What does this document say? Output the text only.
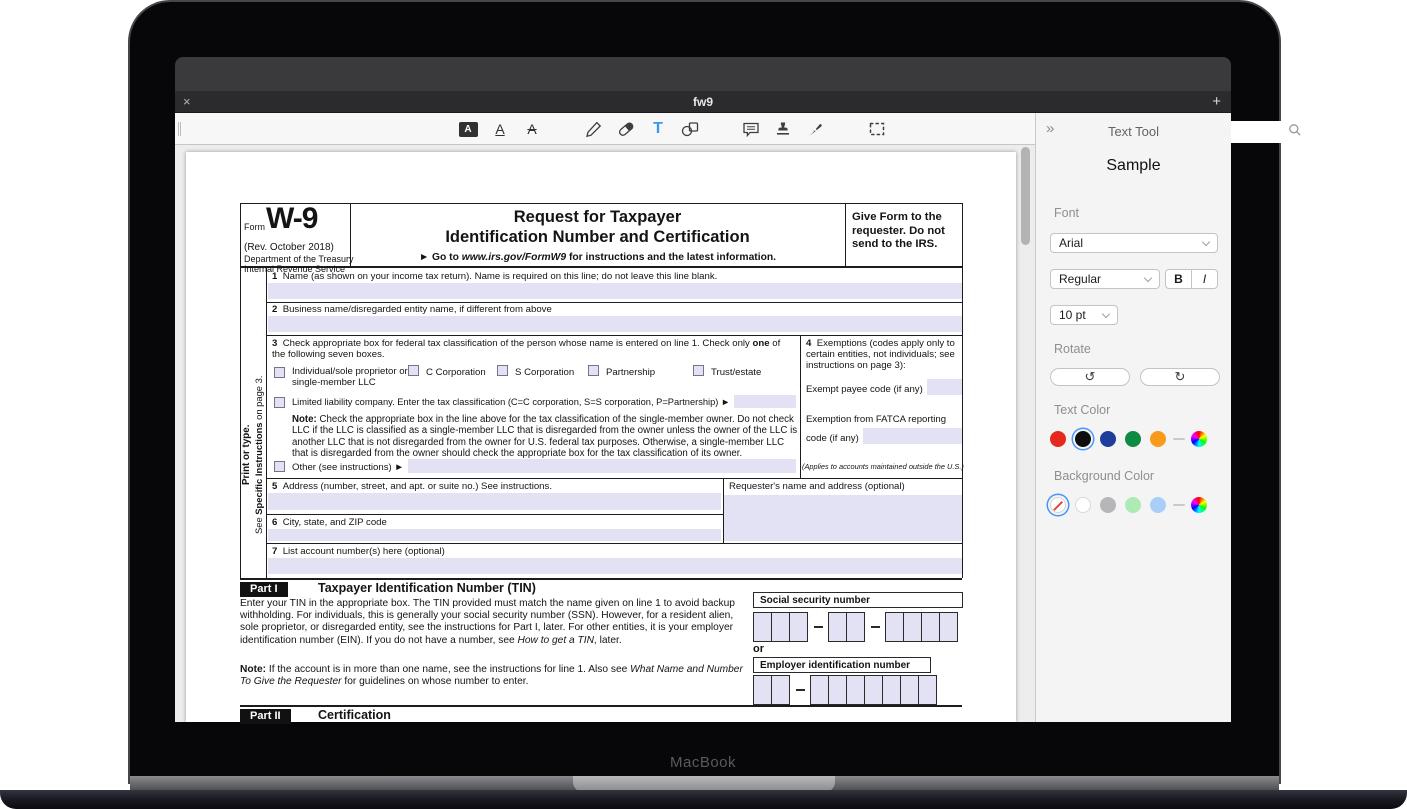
×	fw9	+
A	A A	T
Form W-9
(Rev. October 2018)
Department of the Treasury
Internal Revenue Service
Request for Taxpayer
Identification Number and Certification
► Go to www.irs.gov/FormW9 for instructions and the latest information.
Give Form to the requester. Do not send to the IRS.
Print or type.
See Specific Instructions on page 3.
1 Name (as shown on your income tax return). Name is required on this line; do not leave this line blank.
2 Business name/disregarded entity name, if different from above
3 Check appropriate box for federal tax classification of the person whose name is entered on line 1. Check only one of the following seven boxes.
Individual/sole proprietor or single-member LLC
C Corporation	S Corporation	Partnership	Trust/estate
Limited liability company. Enter the tax classification (C=C corporation, S=S corporation, P=Partnership) ►
Note: Check the appropriate box in the line above for the tax classification of the single-member owner. Do not check LLC if the LLC is classified as a single-member LLC that is disregarded from the owner unless the owner of the LLC is another LLC that is not disregarded from the owner for U.S. federal tax purposes. Otherwise, a single-member LLC that is disregarded from the owner should check the appropriate box for the tax classification of its owner.
Other (see instructions) ►
4 Exemptions (codes apply only to certain entities, not individuals; see instructions on page 3):
Exempt payee code (if any)
Exemption from FATCA reporting
code (if any)
(Applies to accounts maintained outside the U.S.)
5 Address (number, street, and apt. or suite no.) See instructions.	Requester's name and address (optional)
6 City, state, and ZIP code
7 List account number(s) here (optional)
Part I	Taxpayer Identification Number (TIN)
Enter your TIN in the appropriate box. The TIN provided must match the name given on line 1 to avoid backup withholding. For individuals, this is generally your social security number (SSN). However, for a resident alien, sole proprietor, or disregarded entity, see the instructions for Part I, later. For other entities, it is your employer identification number (EIN). If you do not have a number, see How to get a TIN, later.
Note: If the account is in more than one name, see the instructions for line 1. Also see What Name and Number To Give the Requester for guidelines on whose number to enter.
Social security number
or
Employer identification number
Part II	Certification
»	Text Tool
Sample
Font
Arial
Regular	B	I
10 pt
Rotate
↺	↻
Text Color
Background Color
MacBook
